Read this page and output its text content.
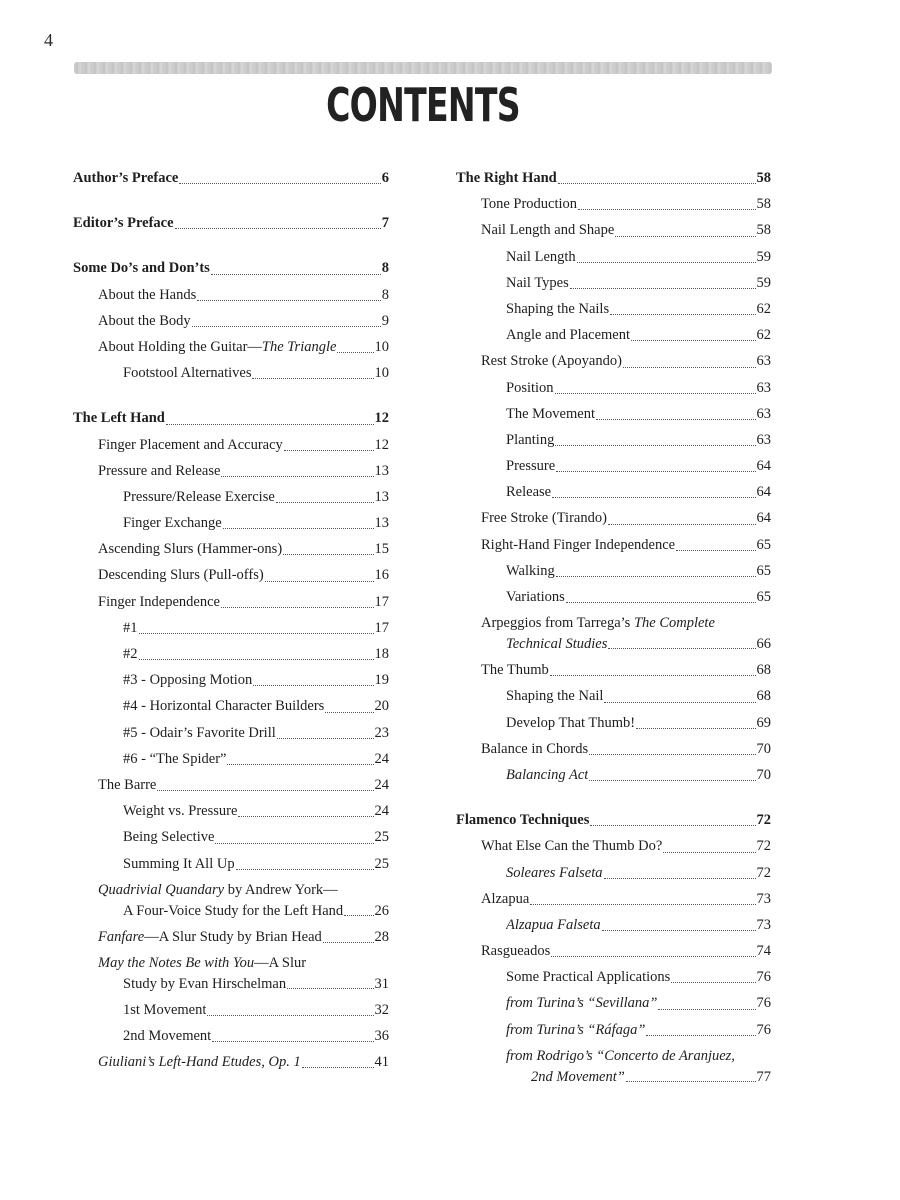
4
CONTENTS
Author’s Preface	6
Editor’s Preface	7
Some Do’s and Don’ts	8
About the Hands	8
About the Body	9
About Holding the Guitar—The Triangle	10
Footstool Alternatives	10
The Left Hand	12
Finger Placement and Accuracy	12
Pressure and Release	13
Pressure/Release Exercise	13
Finger Exchange	13
Ascending Slurs (Hammer-ons)	15
Descending Slurs (Pull-offs)	16
Finger Independence	17
#1	17
#2	18
#3 - Opposing Motion	19
#4 - Horizontal Character Builders	20
#5 - Odair’s Favorite Drill	23
#6 - “The Spider”	24
The Barre	24
Weight vs. Pressure	24
Being Selective	25
Summing It All Up	25
Quadrivial Quandary by Andrew York—
A Four-Voice Study for the Left Hand 26
Fanfare—A Slur Study by Brian Head	28
May the Notes Be with You—A Slur
Study by Evan Hirschelman	31
1st Movement	32
2nd Movement	36
Giuliani’s Left-Hand Etudes, Op. 1	41
The Right Hand	58
Tone Production	58
Nail Length and Shape	58
Nail Length	59
Nail Types	59
Shaping the Nails	62
Angle and Placement	62
Rest Stroke (Apoyando)	63
Position	63
The Movement	63
Planting	63
Pressure	64
Release	64
Free Stroke (Tirando)	64
Right-Hand Finger Independence	65
Walking	65
Variations	65
Arpeggios from Tarrega’s The Complete
Technical Studies	66
The Thumb	68
Shaping the Nail	68
Develop That Thumb!	69
Balance in Chords	70
Balancing Act	70
Flamenco Techniques	72
What Else Can the Thumb Do?	72
Soleares Falseta	72
Alzapua	73
Alzapua Falseta	73
Rasgueados	74
Some Practical Applications	76
from Turina’s “Sevillana”	76
from Turina’s “Ráfaga”	76
from Rodrigo’s “Concerto de Aranjuez,
2nd Movement”	77
